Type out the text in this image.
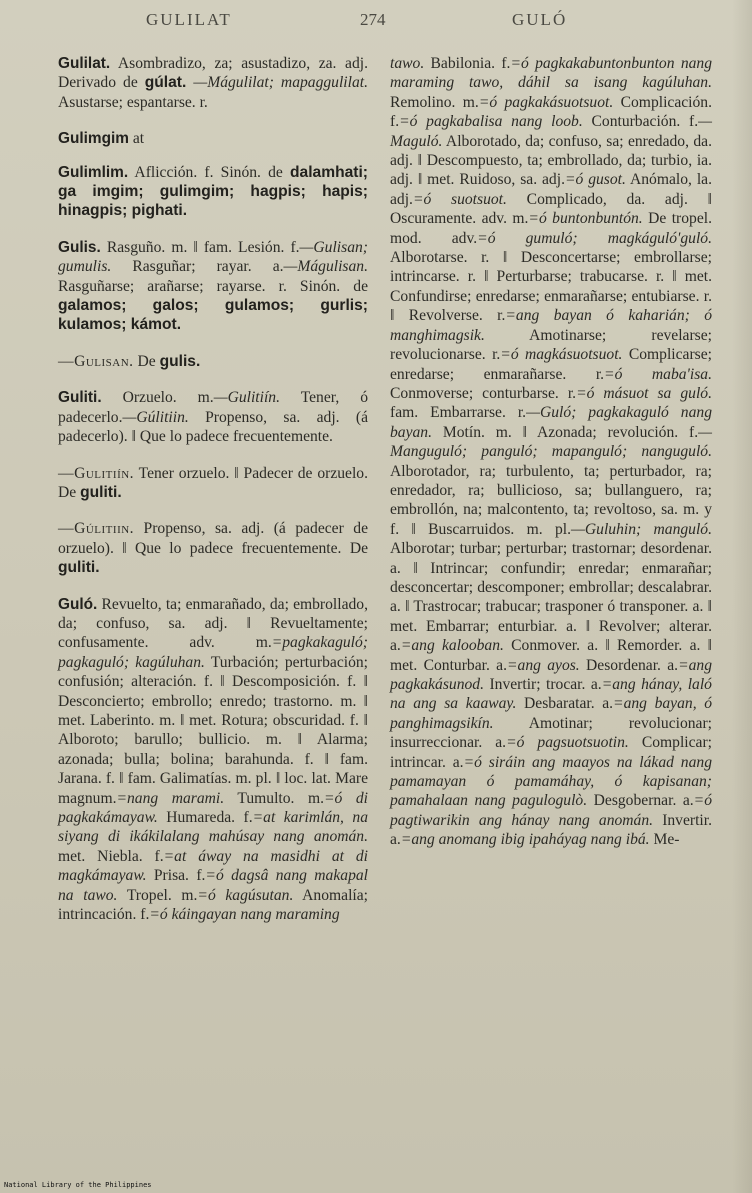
GULILAT	274	GULÓ

Gulilat. Asombradizo, za; asustadizo, za. adj. Derivado de gúlat. —Mágulilat; mapaggulilat. Asustarse; espantarse. r.

Gulimgim at

Gulimlim. Aflicción. f. Sinón. de dalamhati; ga imgim; gulimgim; hagpis; hapis; hinagpis; pighati.

Gulis. Rasguño. m. ‖ fam. Lesión. f.—Gulisan; gumulis. Rasguñar; rayar. a.—Mágulisan. Rasguñarse; arañarse; rayarse. r. Sinón. de galamos; galos; gulamos; gurlis; kulamos; kámot.

—Gulisan. De gulis.

Guliti. Orzuelo. m.—Gulitiín. Tener, ó padecerlo.—Gúlitiin. Propenso, sa. adj. (á padecerlo). ‖ Que lo padece frecuentemente.

—Gulitiín. Tener orzuelo. ‖ Padecer de orzuelo. De guliti.

—Gúlitiin. Propenso, sa. adj. (á padecer de orzuelo). ‖ Que lo padece frecuentemente. De guliti.

Guló. Revuelto, ta; enmarañado, da; embrollado, da; confuso, sa. adj. ‖ Revueltamente; confusamente. adv. m.=pagkakaguló; pagkaguló; kagúluhan. Turbación; perturbación; confusión; alteración. f. ‖ Descomposición. f. ‖ Desconcierto; embrollo; enredo; trastorno. m. ‖ met. Laberinto. m. ‖ met. Rotura; obscuridad. f. ‖ Alboroto; barullo; bullicio. m. ‖ Alarma; azonada; bulla; bolina; barahunda. f. ‖ fam. Jarana. f. ‖ fam. Galimatías. m. pl. ‖ loc. lat. Mare magnum.=nang marami. Tumulto. m.=ó di pagkakámayaw. Humareda. f.=at karimlán, na siyang di ikákilalang mahúsay nang anomán. met. Niebla. f.=at áway na masidhi at di magkámayaw. Prisa. f.=ó dagsâ nang makapal na tawo. Tropel. m.=ó kagúsutan. Anomalía; intrincación. f.=ó káingayan nang maraming

tawo. Babilonia. f.=ó pagkakabuntonbunton nang maraming tawo, dáhil sa isang kagúluhan. Remolino. m.=ó pagkakásuotsuot. Complicación. f.=ó pagkabalisa nang loob. Conturbación. f.—Maguló. Alborotado, da; confuso, sa; enredado, da. adj. ‖ Descompuesto, ta; embrollado, da; turbio, ia. adj. ‖ met. Ruidoso, sa. adj.=ó gusot. Anómalo, la. adj.=ó suotsuot. Complicado, da. adj. ‖ Oscuramente. adv. m.=ó buntonbuntón. De tropel. mod. adv.=ó gumuló; magkáguló'guló. Alborotarse. r. ‖ Desconcertarse; embrollarse; intrincarse. r. ‖ Perturbarse; trabucarse. r. ‖ met. Confundirse; enredarse; enmarañarse; entubiarse. r. ‖ Revolverse. r.=ang bayan ó kaharián; ó manghimagsik. Amotinarse; revelarse; revolucionarse. r.=ó magkásuotsuot. Complicarse; enredarse; enmarañarse. r.=ó maba'isa. Conmoverse; conturbarse. r.=ó másuot sa guló. fam. Embarrarse. r.—Guló; pagkakaguló nang bayan. Motín. m. ‖ Azonada; revolución. f.—Manguguló; panguló; mapanguló; nanguguló. Alborotador, ra; turbulento, ta; perturbador, ra; enredador, ra; bullicioso, sa; bullanguero, ra; embrollón, na; malcontento, ta; revoltoso, sa. m. y f. ‖ Buscarruidos. m. pl.—Guluhin; manguló. Alborotar; turbar; perturbar; trastornar; desordenar. a. ‖ Intrincar; confundir; enredar; enmarañar; desconcertar; descomponer; embrollar; descalabrar. a. ‖ Trastrocar; trabucar; trasponer ó transponer. a. ‖ met. Embarrar; enturbiar. a. ‖ Revolver; alterar. a.=ang kalooban. Conmover. a. ‖ Remorder. a. ‖ met. Conturbar. a.=ang ayos. Desordenar. a.=ang pagkakásunod. Invertir; trocar. a.=ang hánay, laló na ang sa kaaway. Desbaratar. a.=ang bayan, ó panghimagsikín. Amotinar; revolucionar; insurreccionar. a.=ó pagsuotsuotin. Complicar; intrincar. a.=ó siráin ang maayos na lákad nang pamamayan ó pamamáhay, ó kapisanan; pamahalaan nang pagulogulò. Desgobernar. a.=ó pagtiwarikin ang hánay nang anomán. Invertir. a.=ang anomang ibig ipaháyag nang ibá. Me-

National Library of the Philippines
